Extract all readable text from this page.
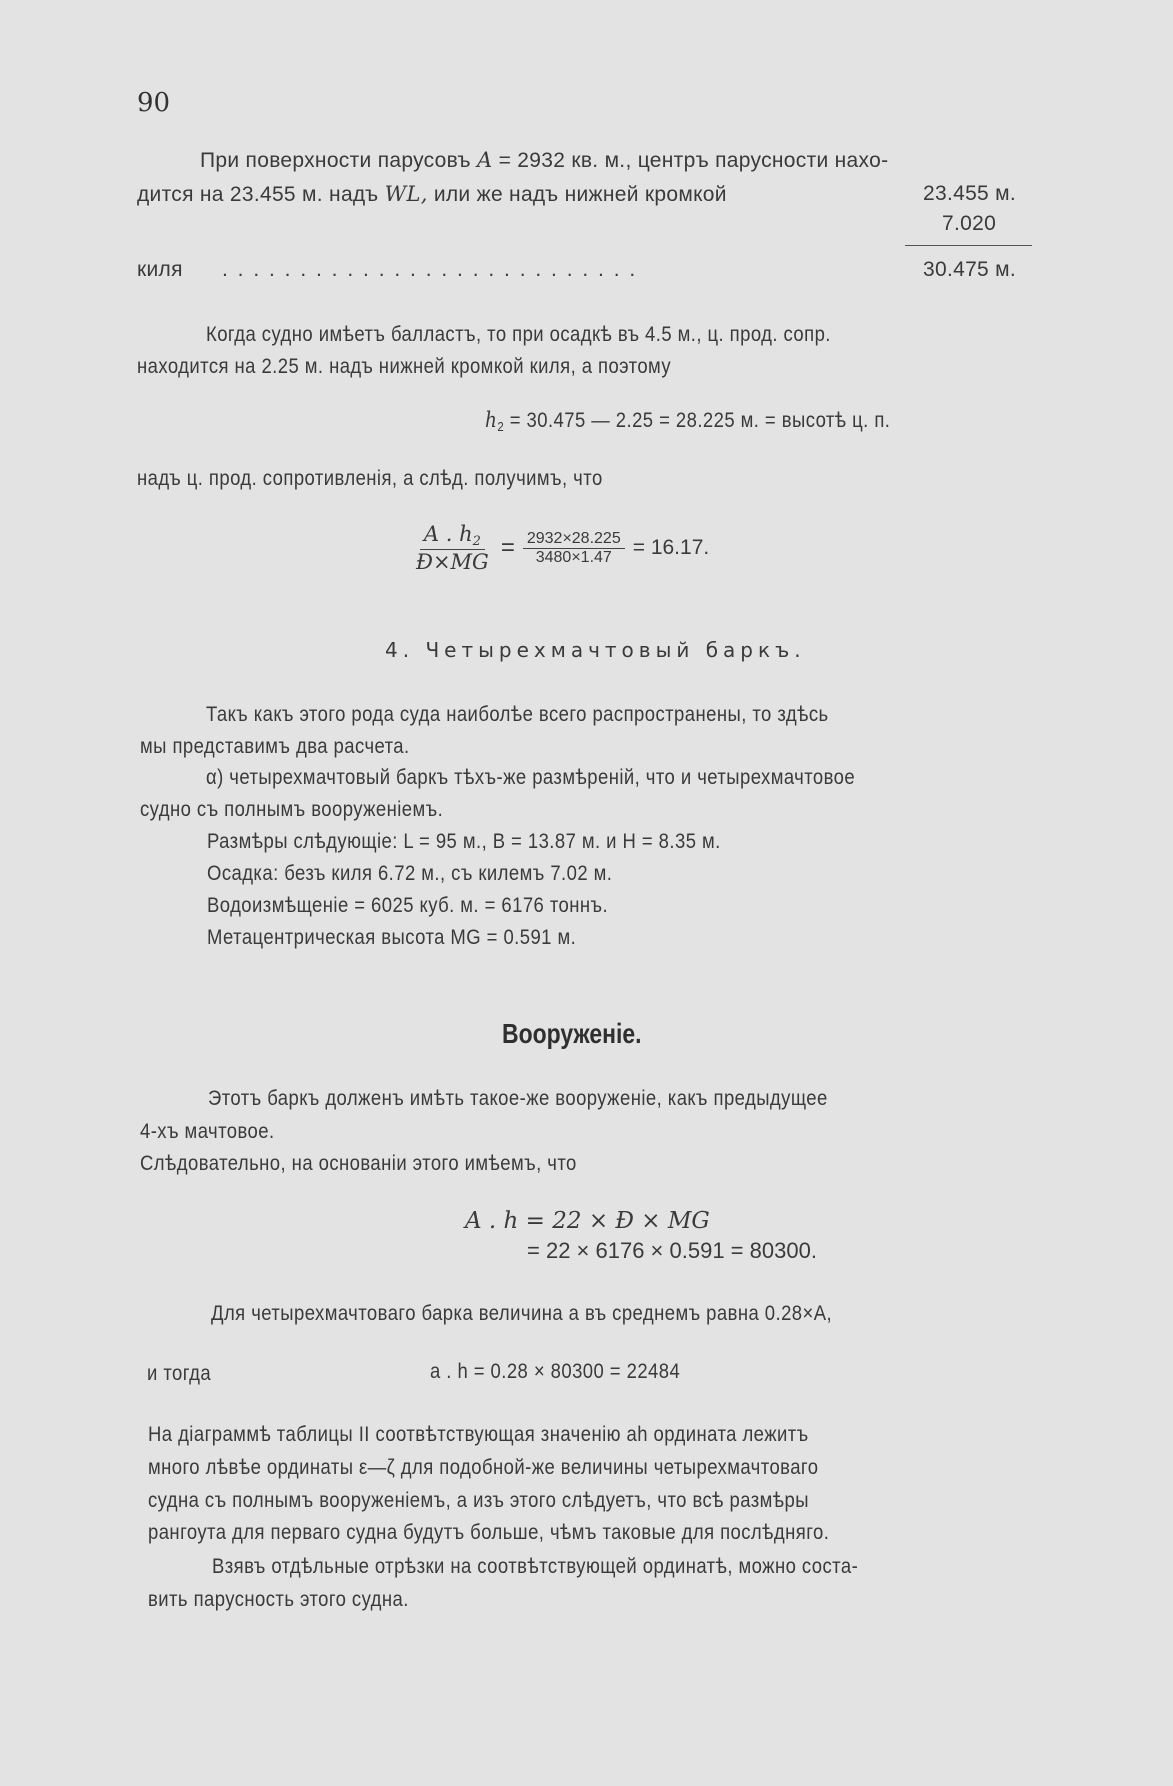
90
При поверхности парусовъ A = 2932 кв. м., центръ парусности нахо-
дится на 23.455 м. надъ WL, или же надъ нижней кромкой	23.455 м.
7.020
киля . . . . . . . . . . . . . . . . . . . . . . . . . . .	30.475 м.
Когда судно имѣетъ балластъ, то при осадкѣ въ 4.5 м., ц. прод. сопр.
находится на 2.25 м. надъ нижней кромкой киля, а поэтому
$h_2 = 30.475$ — 2.25 = 28.225 м. = высотѣ ц. п.
надъ ц. прод. сопротивленія, а слѣд. получимъ, что
$\frac{A . h_2}{Ɖ\times MG} = \frac{2932\times 28.225}{3480\times 1.47} = 16.17$.
4. Четырехмачтовый баркъ.
Такъ какъ этого рода суда наиболѣе всего распространены, то здѣсь
мы представимъ два расчета.
α) четырехмачтовый баркъ тѣхъ-же размѣреній, что и четырехмачтовое
судно съ полнымъ вооруженіемъ.
Размѣры слѣдующіе: L = 95 м., B = 13.87 м. и H = 8.35 м.
Осадка: безъ киля 6.72 м., съ килемъ 7.02 м.
Водоизмѣщеніе = 6025 куб. м. = 6176 тоннъ.
Метацентрическая высота MG = 0.591 м.
Вооруженіе.
Этотъ баркъ долженъ имѣть такое-же вооруженіе, какъ предыдущее
4-хъ мачтовое.
Слѣдовательно, на основаніи этого имѣемъ, что
A . h = 22 × Ɖ × MG
= 22 × 6176 × 0.591 = 80300.
Для четырехмачтоваго барка величина a въ среднемъ равна 0.28×A,
и тогда	a . h = 0.28 × 80300 = 22484
На діаграммѣ таблицы II соотвѣтствующая значенію ah ордината лежитъ
много лѣвѣе ординаты ε—ζ для подобной-же величины четырехмачтоваго
судна съ полнымъ вооруженіемъ, а изъ этого слѣдуетъ, что всѣ размѣры
рангоута для перваго судна будутъ больше, чѣмъ таковые для послѣдняго.
Взявъ отдѣльные отрѣзки на соотвѣтствующей ординатѣ, можно соста-
вить парусность этого судна.
